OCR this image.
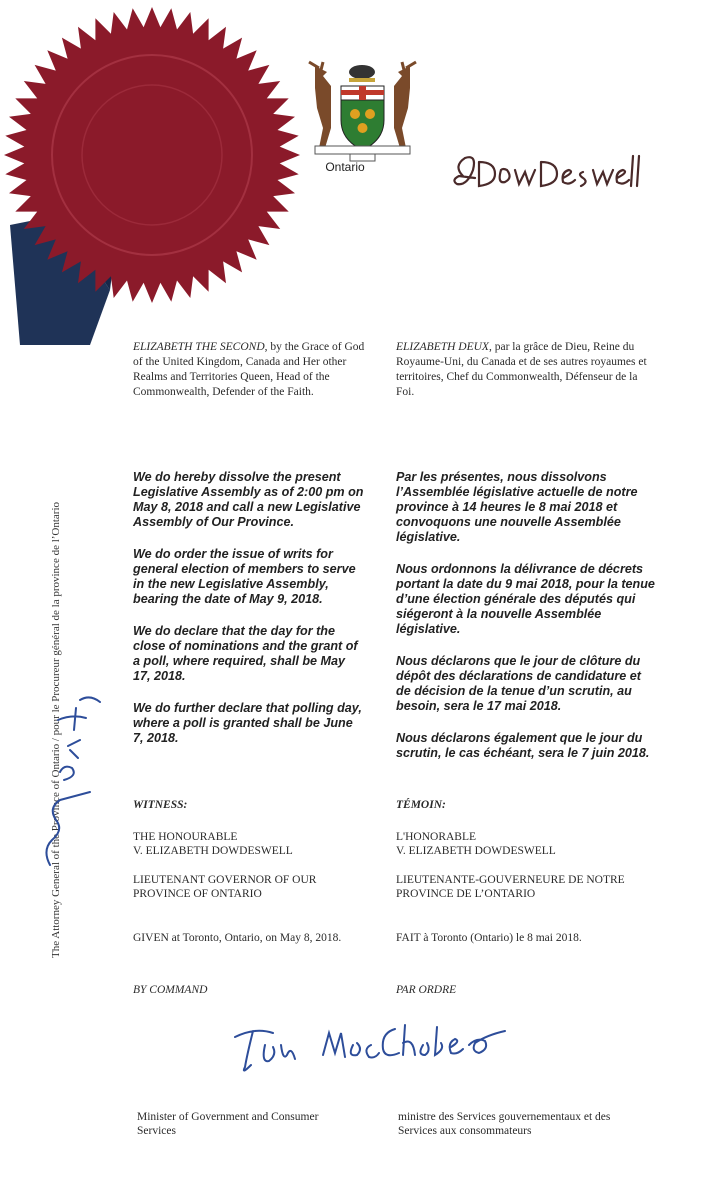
Ontario
ELIZABETH THE SECOND, by the Grace of God of the United Kingdom, Canada and Her other Realms and Territories Queen, Head of the Commonwealth, Defender of the Faith.
ELIZABETH DEUX, par la grâce de Dieu, Reine du Royaume-Uni, du Canada et de ses autres royaumes et territoires, Chef du Commonwealth, Défenseur de la Foi.

We do hereby dissolve the present Legislative Assembly as of 2:00 pm on May 8, 2018 and call a new Legislative Assembly of Our Province.

We do order the issue of writs for general election of members to serve in the new Legislative Assembly, bearing the date of May 9, 2018.

We do declare that the day for the close of nominations and the grant of a poll, where required, shall be May 17, 2018.

We do further declare that polling day, where a poll is granted shall be June 7, 2018.

Par les présentes, nous dissolvons l’Assemblée législative actuelle de notre province à 14 heures le 8 mai 2018 et convoquons une nouvelle Assemblée législative.

Nous ordonnons la délivrance de décrets portant la date du 9 mai 2018, pour la tenue d’une élection générale des députés qui siégeront à la nouvelle Assemblée législative.

Nous déclarons que le jour de clôture du dépôt des déclarations de candidature et de décision de la tenue d’un scrutin, au besoin, sera le 17 mai 2018.

Nous déclarons également que le jour du scrutin, le cas échéant, sera le 7 juin 2018.

WITNESS:	TÉMOIN:
THE HONOURABLE
V. ELIZABETH DOWDESWELL
L'HONORABLE
V. ELIZABETH DOWDESWELL
LIEUTENANT GOVERNOR OF OUR
PROVINCE OF ONTARIO
LIEUTENANTE-GOUVERNEURE DE NOTRE
PROVINCE DE L’ONTARIO
GIVEN at Toronto, Ontario, on May 8, 2018.	FAIT à Toronto (Ontario) le 8 mai 2018.
BY COMMAND	PAR ORDRE
Minister of Government and Consumer
Services
ministre des Services gouvernementaux et des
Services aux consommateurs
The Attorney General of the Province of Ontario / pour le Procureur général de la province de l’Ontario
